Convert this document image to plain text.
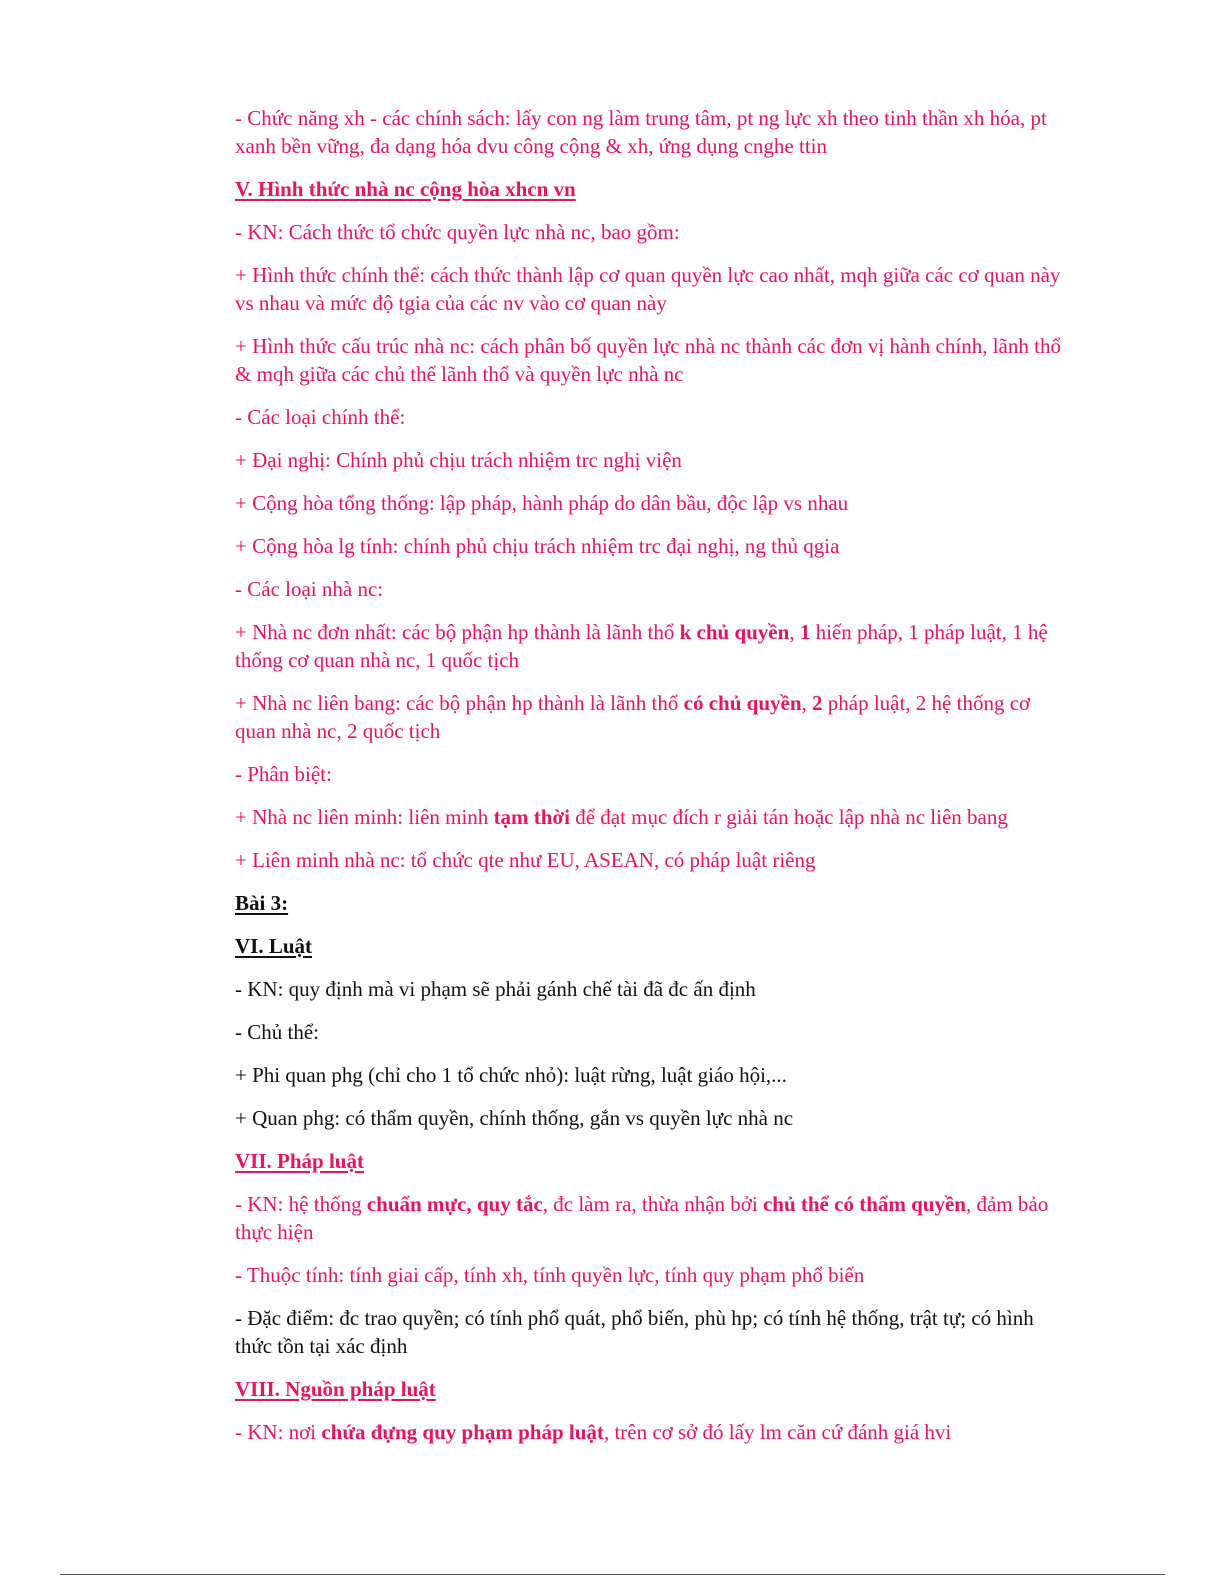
- Chức năng xh - các chính sách: lấy con ng làm trung tâm, pt ng lực xh theo tinh thần xh hóa, pt xanh bền vững, đa dạng hóa dvu công cộng & xh, ứng dụng cnghe ttin

V. Hình thức nhà nc cộng hòa xhcn vn

- KN: Cách thức tổ chức quyền lực nhà nc, bao gồm:

+ Hình thức chính thể: cách thức thành lập cơ quan quyền lực cao nhất, mqh giữa các cơ quan này vs nhau và mức độ tgia của các nv vào cơ quan này

+ Hình thức cấu trúc nhà nc: cách phân bố quyền lực nhà nc thành các đơn vị hành chính, lãnh thổ & mqh giữa các chủ thể lãnh thổ và quyền lực nhà nc

- Các loại chính thể:

+ Đại nghị: Chính phủ chịu trách nhiệm trc nghị viện

+ Cộng hòa tổng thống: lập pháp, hành pháp do dân bầu, độc lập vs nhau

+ Cộng hòa lg tính: chính phủ chịu trách nhiệm trc đại nghị, ng thủ qgia

- Các loại nhà nc:

+ Nhà nc đơn nhất: các bộ phận hp thành là lãnh thổ k chủ quyền, 1 hiến pháp, 1 pháp luật, 1 hệ thống cơ quan nhà nc, 1 quốc tịch

+ Nhà nc liên bang: các bộ phận hp thành là lãnh thổ có chủ quyền, 2 pháp luật, 2 hệ thống cơ quan nhà nc, 2 quốc tịch

- Phân biệt:

+ Nhà nc liên minh: liên minh tạm thời để đạt mục đích r giải tán hoặc lập nhà nc liên bang

+ Liên minh nhà nc: tổ chức qte như EU, ASEAN, có pháp luật riêng

Bài 3:

VI. Luật

- KN: quy định mà vi phạm sẽ phải gánh chế tài đã đc ấn định

- Chủ thể:

+ Phi quan phg (chỉ cho 1 tổ chức nhỏ): luật rừng, luật giáo hội,...

+ Quan phg: có thẩm quyền, chính thống, gắn vs quyền lực nhà nc

VII. Pháp luật

- KN: hệ thống chuẩn mực, quy tắc, đc làm ra, thừa nhận bởi chủ thể có thẩm quyền, đảm bảo thực hiện

- Thuộc tính: tính giai cấp, tính xh, tính quyền lực, tính quy phạm phổ biến

- Đặc điểm: đc trao quyền; có tính phổ quát, phổ biến, phù hp; có tính hệ thống, trật tự; có hình thức tồn tại xác định

VIII. Nguồn pháp luật

- KN: nơi chứa đựng quy phạm pháp luật, trên cơ sở đó lấy lm căn cứ đánh giá hvi
